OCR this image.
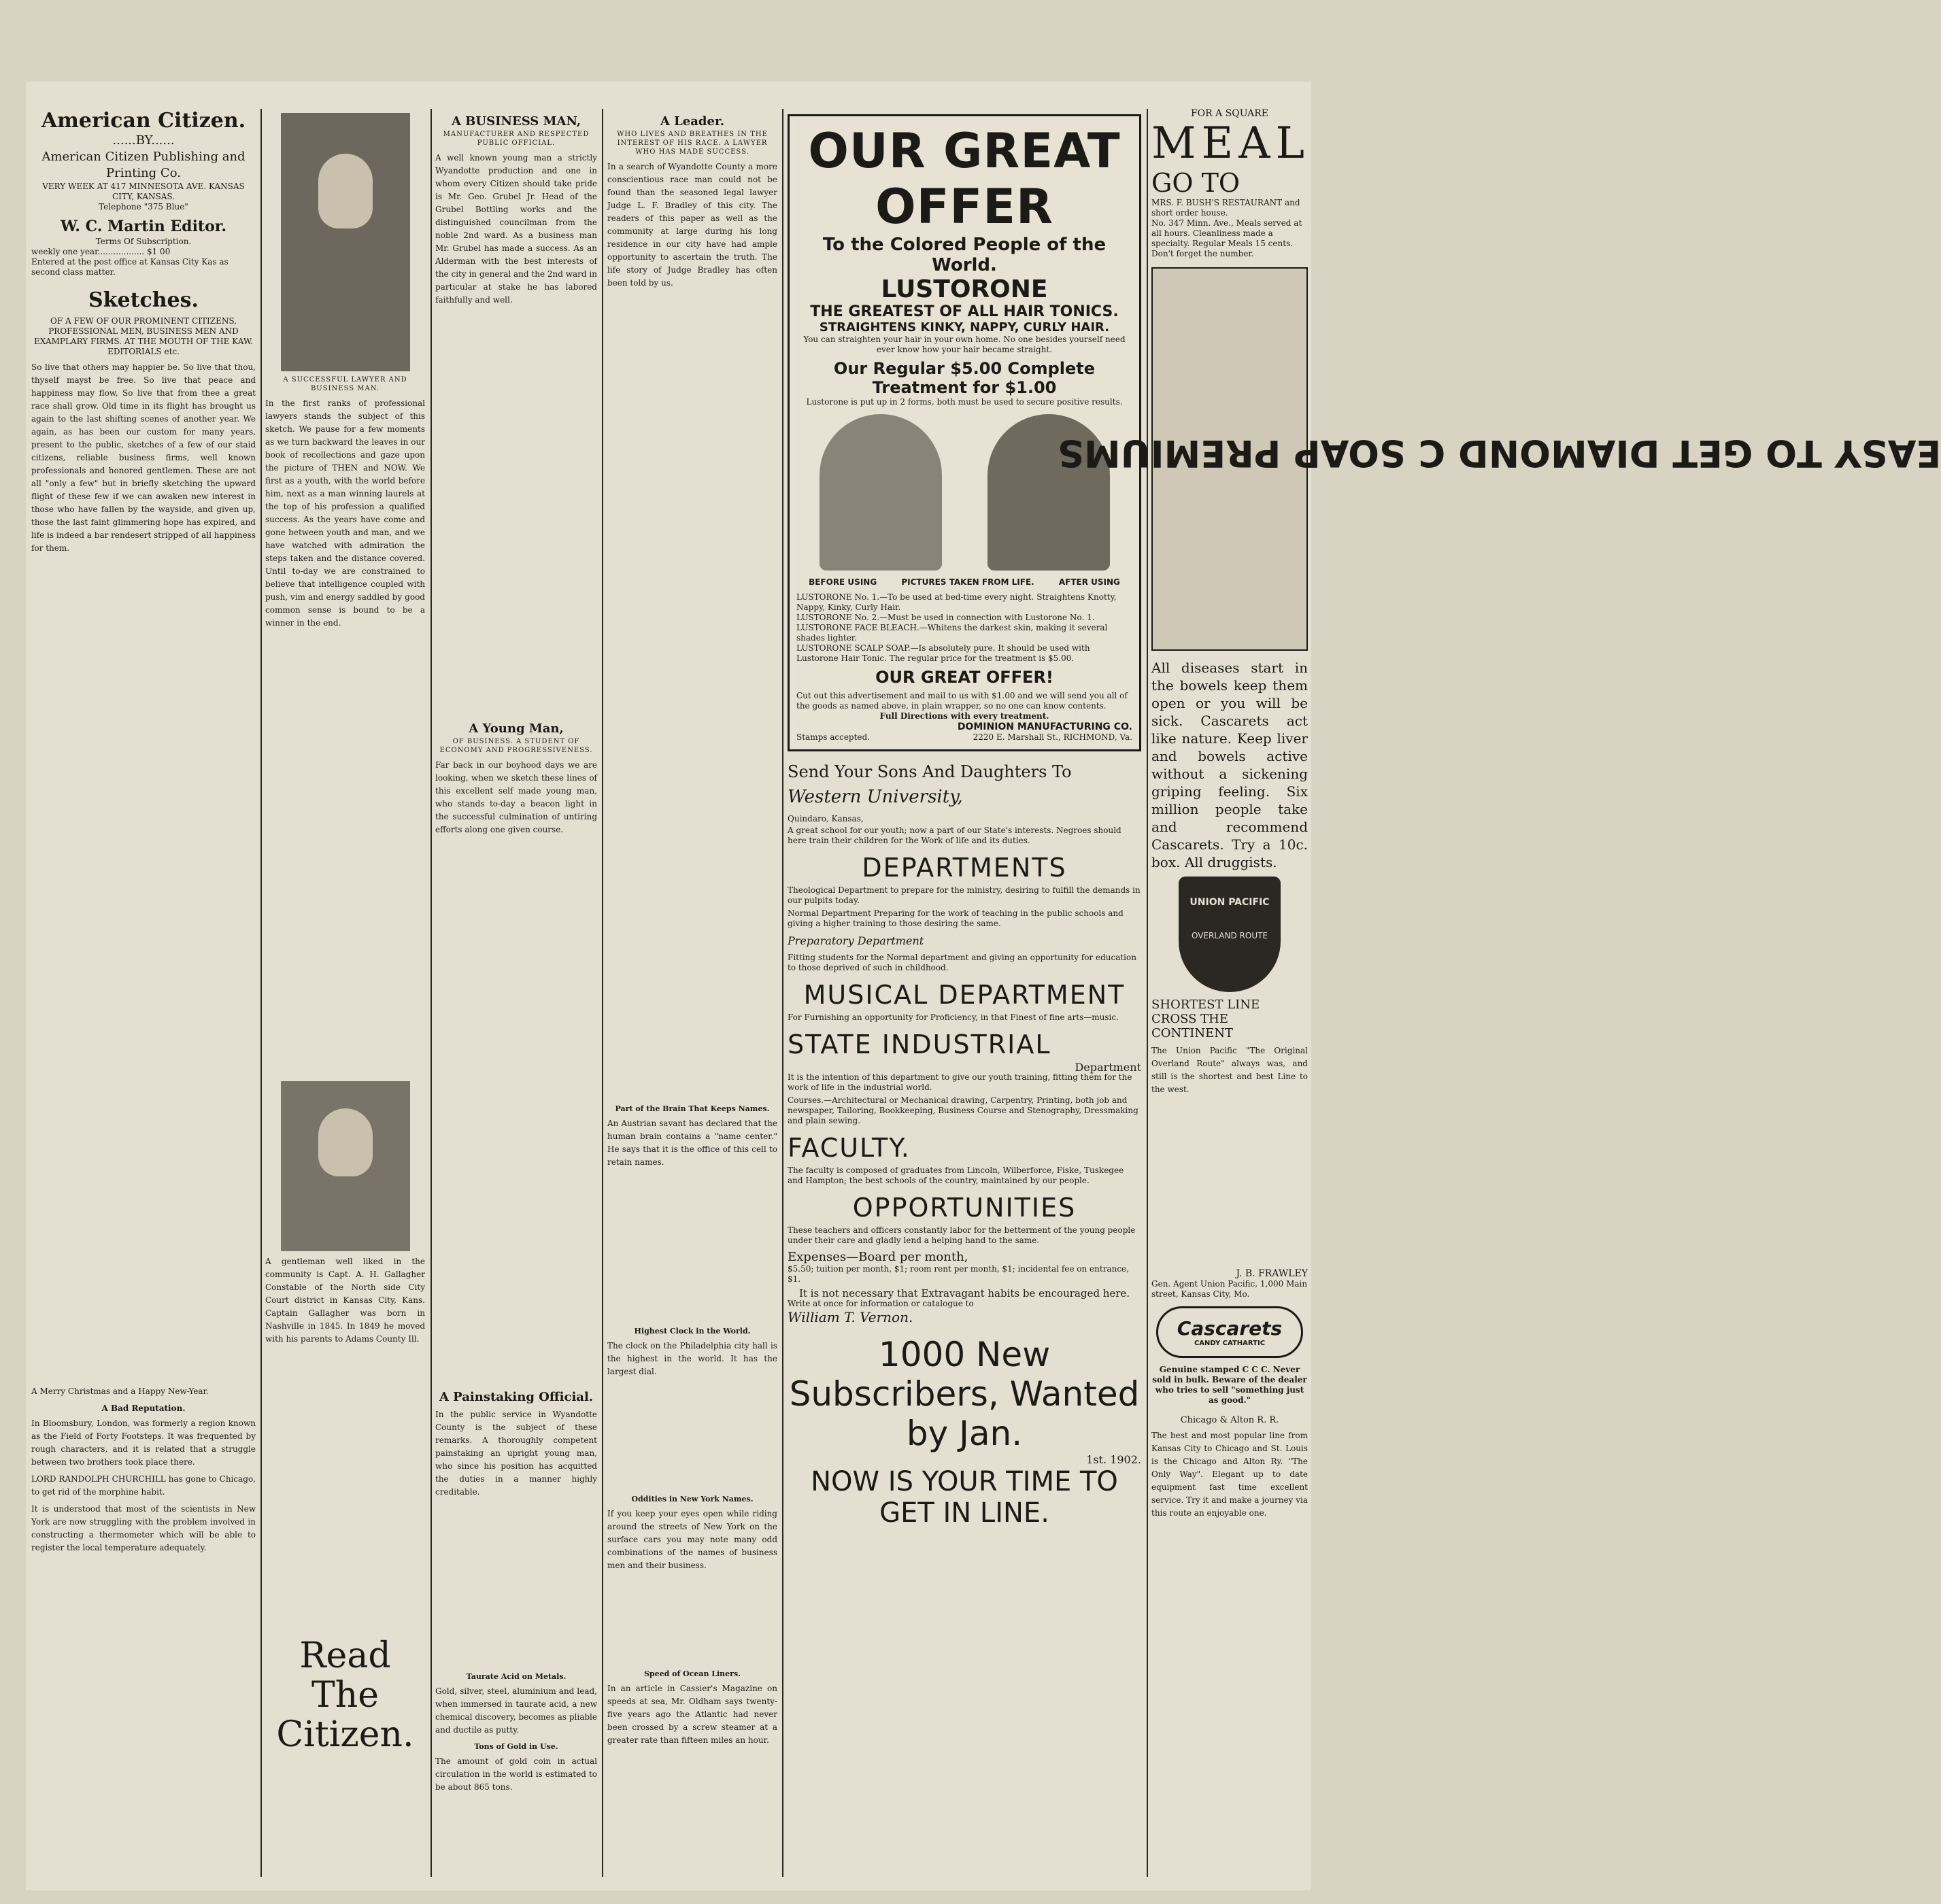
American Citizen.
......BY......
American Citizen Publishing and Printing Co.
VERY WEEK AT 417 MINNESOTA AVE. KANSAS CITY, KANSAS.
Telephone "375 Blue"
W. C. Martin Editor.
Terms Of Subscription.
weekly one year.................. $1 00
Entered at the post office at Kansas City Kas as second class matter.
Sketches.
OF A FEW OF OUR PROMINENT CITIZENS, PROFESSIONAL MEN, BUSINESS MEN AND EXAMPLARY FIRMS. AT THE MOUTH OF THE KAW. EDITORIALS etc.
So live that others may happier be. So live that thou, thyself mayst be free. So live that peace and happiness may flow, So live that from thee a great race shall grow. Old time in its flight has brought us again to the last shifting scenes of another year. We again, as has been our custom for many years, present to the public, sketches of a few of our staid citizens, reliable business firms, well known professionals and honored gentlemen. These are not all "only a few" but in briefly sketching the upward flight of these few if we can awaken new interest in those who have fallen by the wayside, and given up, those the last faint glimmering hope has expired, and life is indeed a bar rendesert stripped of all happiness for them.
A Merry Christmas and a Happy New-Year.
A Bad Reputation.
In Bloomsbury, London, was formerly a region known as the Field of Forty Footsteps. It was frequented by rough characters, and it is related that a struggle between two brothers took place there.
LORD RANDOLPH CHURCHILL has gone to Chicago, to get rid of the morphine habit.
It is understood that most of the scientists in New York are now struggling with the problem involved in constructing a thermometer which will be able to register the local temperature adequately.
A SUCCESSFUL LAWYER AND BUSINESS MAN.
In the first ranks of professional lawyers stands the subject of this sketch. We pause for a few moments as we turn backward the leaves in our book of recollections and gaze upon the picture of THEN and NOW. We first as a youth, with the world before him, next as a man winning laurels at the top of his profession a qualified success. As the years have come and gone between youth and man, and we have watched with admiration the steps taken and the distance covered. Until to-day we are constrained to believe that intelligence coupled with push, vim and energy saddled by good common sense is bound to be a winner in the end.
A gentleman well liked in the community is Capt. A. H. Gallagher Constable of the North side City Court district in Kansas City, Kans. Captain Gallagher was born in Nashville in 1845. In 1849 he moved with his parents to Adams County Ill.
Read The
Citizen.
A BUSINESS MAN,
MANUFACTURER AND RESPECTED PUBLIC OFFICIAL.
A well known young man a strictly Wyandotte production and one in whom every Citizen should take pride is Mr. Geo. Grubel Jr. Head of the Grubel Bottling works and the distinguished councilman from the noble 2nd ward. As a business man Mr. Grubel has made a success. As an Alderman with the best interests of the city in general and the 2nd ward in particular at stake he has labored faithfully and well.
A Young Man,
OF BUSINESS. A STUDENT OF ECONOMY AND PROGRESSIVENESS.
Far back in our boyhood days we are looking, when we sketch these lines of this excellent self made young man, who stands to-day a beacon light in the successful culmination of untiring efforts along one given course.
A Painstaking Official.
In the public service in Wyandotte County is the subject of these remarks. A thoroughly competent painstaking an upright young man, who since his position has acquitted the duties in a manner highly creditable.
Taurate Acid on Metals.
Gold, silver, steel, aluminium and lead, when immersed in taurate acid, a new chemical discovery, becomes as pliable and ductile as putty.
Tons of Gold in Use.
The amount of gold coin in actual circulation in the world is estimated to be about 865 tons.
A Leader.
WHO LIVES AND BREATHES IN THE INTEREST OF HIS RACE. A LAWYER WHO HAS MADE SUCCESS.
In a search of Wyandotte County a more conscientious race man could not be found than the seasoned legal lawyer Judge L. F. Bradley of this city. The readers of this paper as well as the community at large during his long residence in our city have had ample opportunity to ascertain the truth. The life story of Judge Bradley has often been told by us.
Part of the Brain That Keeps Names.
An Austrian savant has declared that the human brain contains a "name center." He says that it is the office of this cell to retain names.
Highest Clock in the World.
The clock on the Philadelphia city hall is the highest in the world. It has the largest dial.
Oddities in New York Names.
If you keep your eyes open while riding around the streets of New York on the surface cars you may note many odd combinations of the names of business men and their business.
Speed of Ocean Liners.
In an article in Cassier's Magazine on speeds at sea, Mr. Oldham says twenty-five years ago the Atlantic had never been crossed by a screw steamer at a greater rate than fifteen miles an hour.
OUR GREAT OFFER
To the Colored People of the World.
LUSTORONE
THE GREATEST OF ALL HAIR TONICS.
STRAIGHTENS KINKY, NAPPY, CURLY HAIR.
You can straighten your hair in your own home. No one besides yourself need ever know how your hair became straight.
Our Regular $5.00 Complete Treatment for $1.00
Lustorone is put up in 2 forms, both must be used to secure positive results.
BEFORE USING	PICTURES TAKEN FROM LIFE.	AFTER USING
LUSTORONE No. 1.—To be used at bed-time every night. Straightens Knotty, Nappy, Kinky, Curly Hair.
LUSTORONE No. 2.—Must be used in connection with Lustorone No. 1.
LUSTORONE FACE BLEACH.—Whitens the darkest skin, making it several shades lighter.
LUSTORONE SCALP SOAP.—Is absolutely pure. It should be used with Lustorone Hair Tonic. The regular price for the treatment is $5.00.
OUR GREAT OFFER!
Cut out this advertisement and mail to us with $1.00 and we will send you all of the goods as named above, in plain wrapper, so no one can know contents.
Full Directions with every treatment.
DOMINION MANUFACTURING CO.
Stamps accepted.	2220 E. Marshall St., RICHMOND, Va.
Send Your Sons And Daughters To
Western University,
Quindaro, Kansas,
A great school for our youth; now a part of our State's interests. Negroes should here train their children for the Work of life and its duties.
DEPARTMENTS
Theological Department to prepare for the ministry, desiring to fulfill the demands in our pulpits today.
Normal Department Preparing for the work of teaching in the public schools and giving a higher training to those desiring the same.
Preparatory Department
Fitting students for the Normal department and giving an opportunity for education to those deprived of such in childhood.
MUSICAL DEPARTMENT
For Furnishing an opportunity for Proficiency, in that Finest of fine arts—music.
STATE INDUSTRIAL
Department
It is the intention of this department to give our youth training, fitting them for the work of life in the industrial world.
Courses.—Architectural or Mechanical drawing, Carpentry, Printing, both job and newspaper, Tailoring, Bookkeeping, Business Course and Stenography, Dressmaking and plain sewing.
FACULTY.
The faculty is composed of graduates from Lincoln, Wilberforce, Fiske, Tuskegee and Hampton; the best schools of the country, maintained by our people.
OPPORTUNITIES
These teachers and officers constantly labor for the betterment of the young people under their care and gladly lend a helping hand to the same.
Expenses—Board per month,
$5.50; tuition per month, $1; room rent per month, $1; incidental fee on entrance, $1.
It is not necessary that Extravagant habits be encouraged here.
Write at once for information or catalogue to
William T. Vernon.
1000 New Subscribers, Wanted by Jan.
1st. 1902.
NOW IS YOUR TIME TO GET IN LINE.
FOR A SQUARE
MEAL
GO TO
MRS. F. BUSH'S RESTAURANT and short order house.
No. 347 Minn. Ave., Meals served at all hours. Cleanliness made a specialty. Regular Meals 15 cents. Don't forget the number.
EASY TO GET DIAMOND C SOAP PREMIUMS
All diseases start in the bowels keep them open or you will be sick. Cascarets act like nature. Keep liver and bowels active without a sickening griping feeling. Six million people take and recommend Cascarets. Try a 10c. box. All druggists.
UNION PACIFIC
OVERLAND ROUTE
SHORTEST LINE
CROSS THE CONTINENT
The Union Pacific "The Original Overland Route" always was, and still is the shortest and best Line to the west.
J. B. FRAWLEY
Gen. Agent Union Pacific, 1,000 Main street, Kansas City, Mo.
Cascarets
CANDY CATHARTIC
Genuine stamped C C C. Never sold in bulk. Beware of the dealer who tries to sell "something just as good."
Chicago & Alton R. R.
The best and most popular line from Kansas City to Chicago and St. Louis is the Chicago and Alton Ry. "The Only Way". Elegant up to date equipment fast time excellent service. Try it and make a journey via this route an enjoyable one.
